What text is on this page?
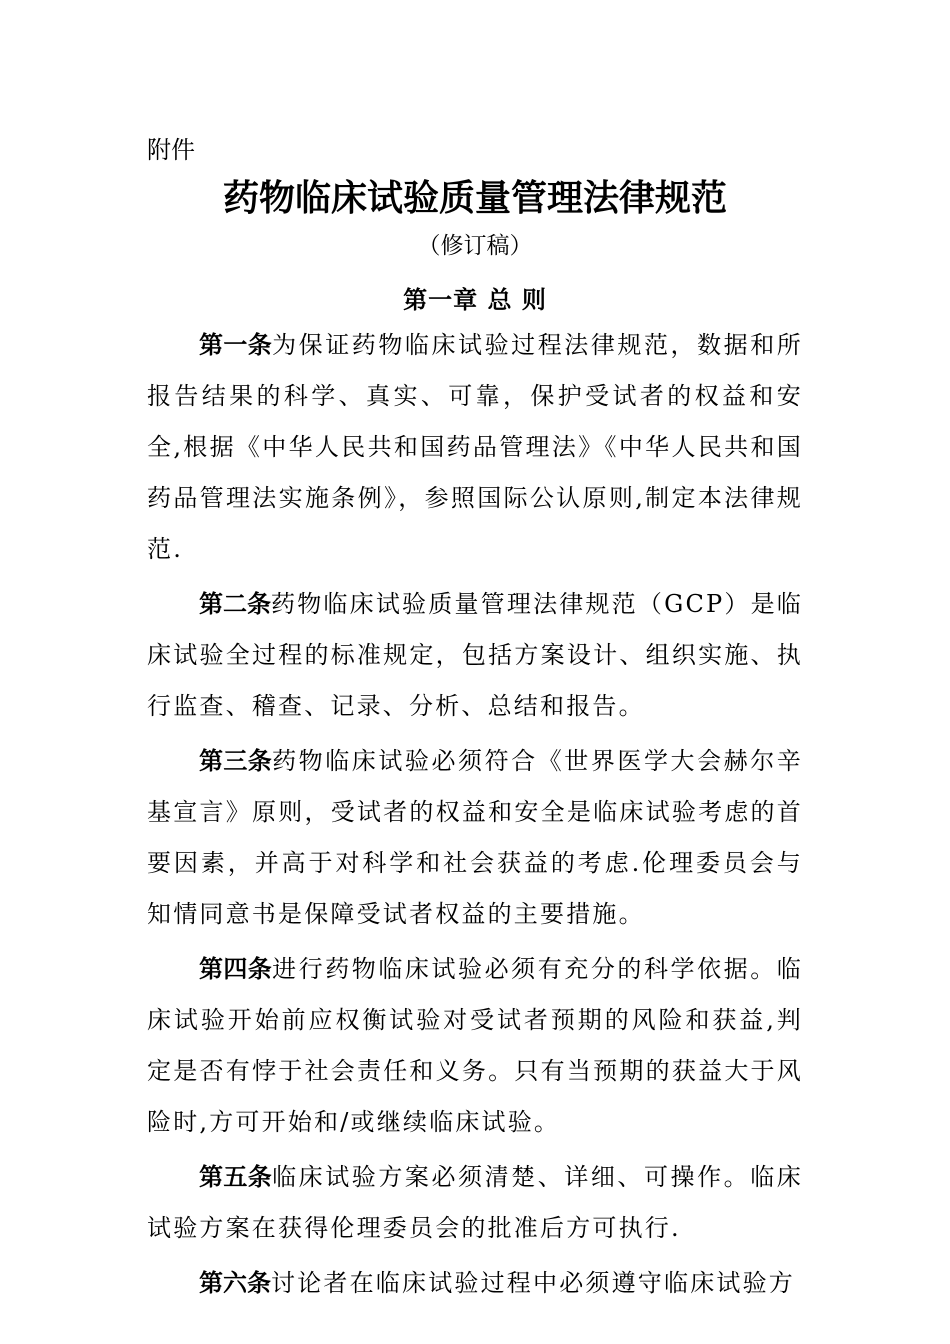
附件
药物临床试验质量管理法律规范
（修订稿）
第一章 总 则

第一条为保证药物临床试验过程法律规范，数据和所报告结果的科学、真实、可靠，保护受试者的权益和安全,根据《中华人民共和国药品管理法》《中华人民共和国药品管理法实施条例》，参照国际公认原则,制定本法律规范.

第二条药物临床试验质量管理法律规范（GCP）是临床试验全过程的标准规定，包括方案设计、组织实施、执行监查、稽查、记录、分析、总结和报告。

第三条药物临床试验必须符合《世界医学大会赫尔辛基宣言》原则，受试者的权益和安全是临床试验考虑的首要因素，并高于对科学和社会获益的考虑.伦理委员会与知情同意书是保障受试者权益的主要措施。

第四条进行药物临床试验必须有充分的科学依据。临床试验开始前应权衡试验对受试者预期的风险和获益,判定是否有悖于社会责任和义务。只有当预期的获益大于风险时,方可开始和/或继续临床试验。

第五条临床试验方案必须清楚、详细、可操作。临床试验方案在获得伦理委员会的批准后方可执行.

第六条讨论者在临床试验过程中必须遵守临床试验方
